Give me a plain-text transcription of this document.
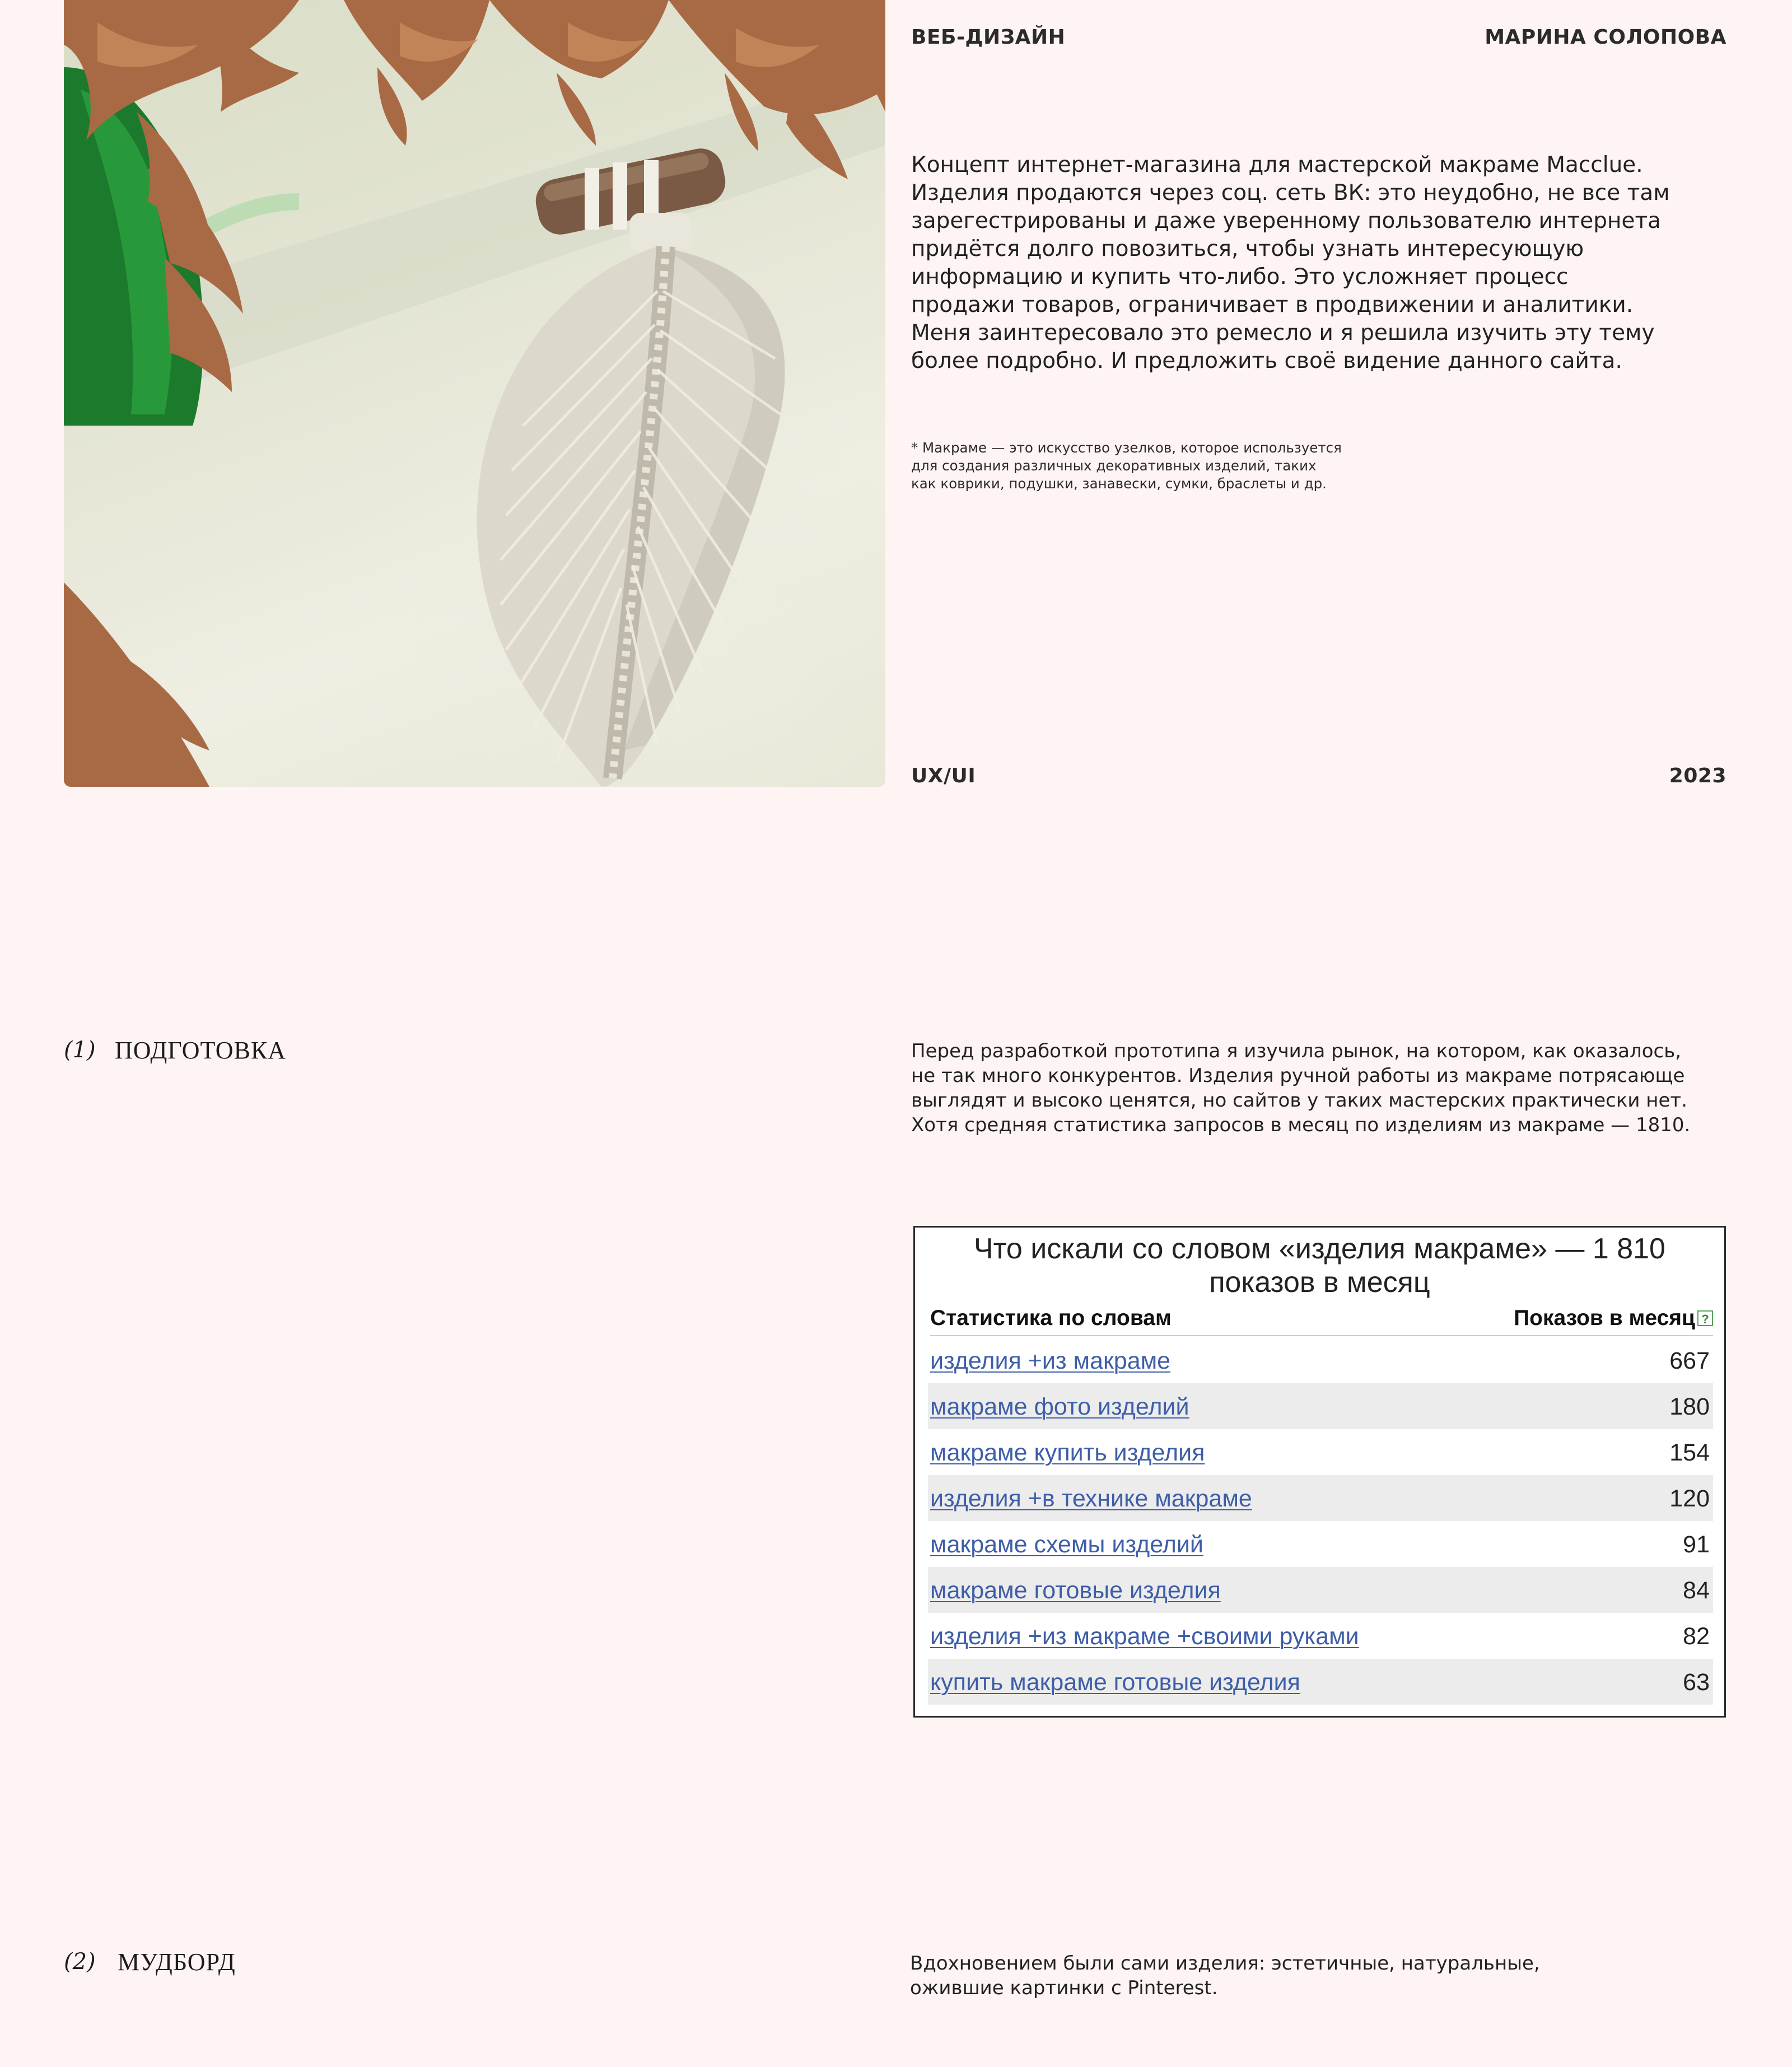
ВЕБ-ДИЗАЙН	МАРИНА СОЛОПОВА
Концепт интернет-магазина для мастерской макраме Macclue.
Изделия продаются через соц. сеть ВК: это неудобно, не все там
зарегестрированы и даже уверенному пользователю интернета
придётся долго повозиться, чтобы узнать интересующую
информацию и купить что-либо. Это усложняет процесс
продажи товаров, ограничивает в продвижении и аналитики.
Меня заинтересовало это ремесло и я решила изучить эту тему
более подробно. И предложить своё видение данного сайта.
* Макраме — это искусство узелков, которое используется
для создания различных декоративных изделий, таких
как коврики, подушки, занавески, сумки, браслеты и др.
UX/UI	2023
(1) ПОДГОТОВКА	Перед разработкой прототипа я изучила рынок, на котором, как оказалось,
не так много конкурентов. Изделия ручной работы из макраме потрясающе
выглядят и высоко ценятся, но сайтов у таких мастерских практически нет.
Хотя средняя статистика запросов в месяц по изделиям из макраме — 1810.
Что искали со словом «изделия макраме» — 1 810
показов в месяц
Статистика по словам	Показов в месяц ?
изделия +из макраме	667
макраме фото изделий	180
макраме купить изделия	154
изделия +в технике макраме	120
макраме схемы изделий	91
макраме готовые изделия	84
изделия +из макраме +своими руками	82
купить макраме готовые изделия	63
(2) МУДБОРД	Вдохновением были сами изделия: эстетичные, натуральные,
ожившие картинки с Pinterest.
